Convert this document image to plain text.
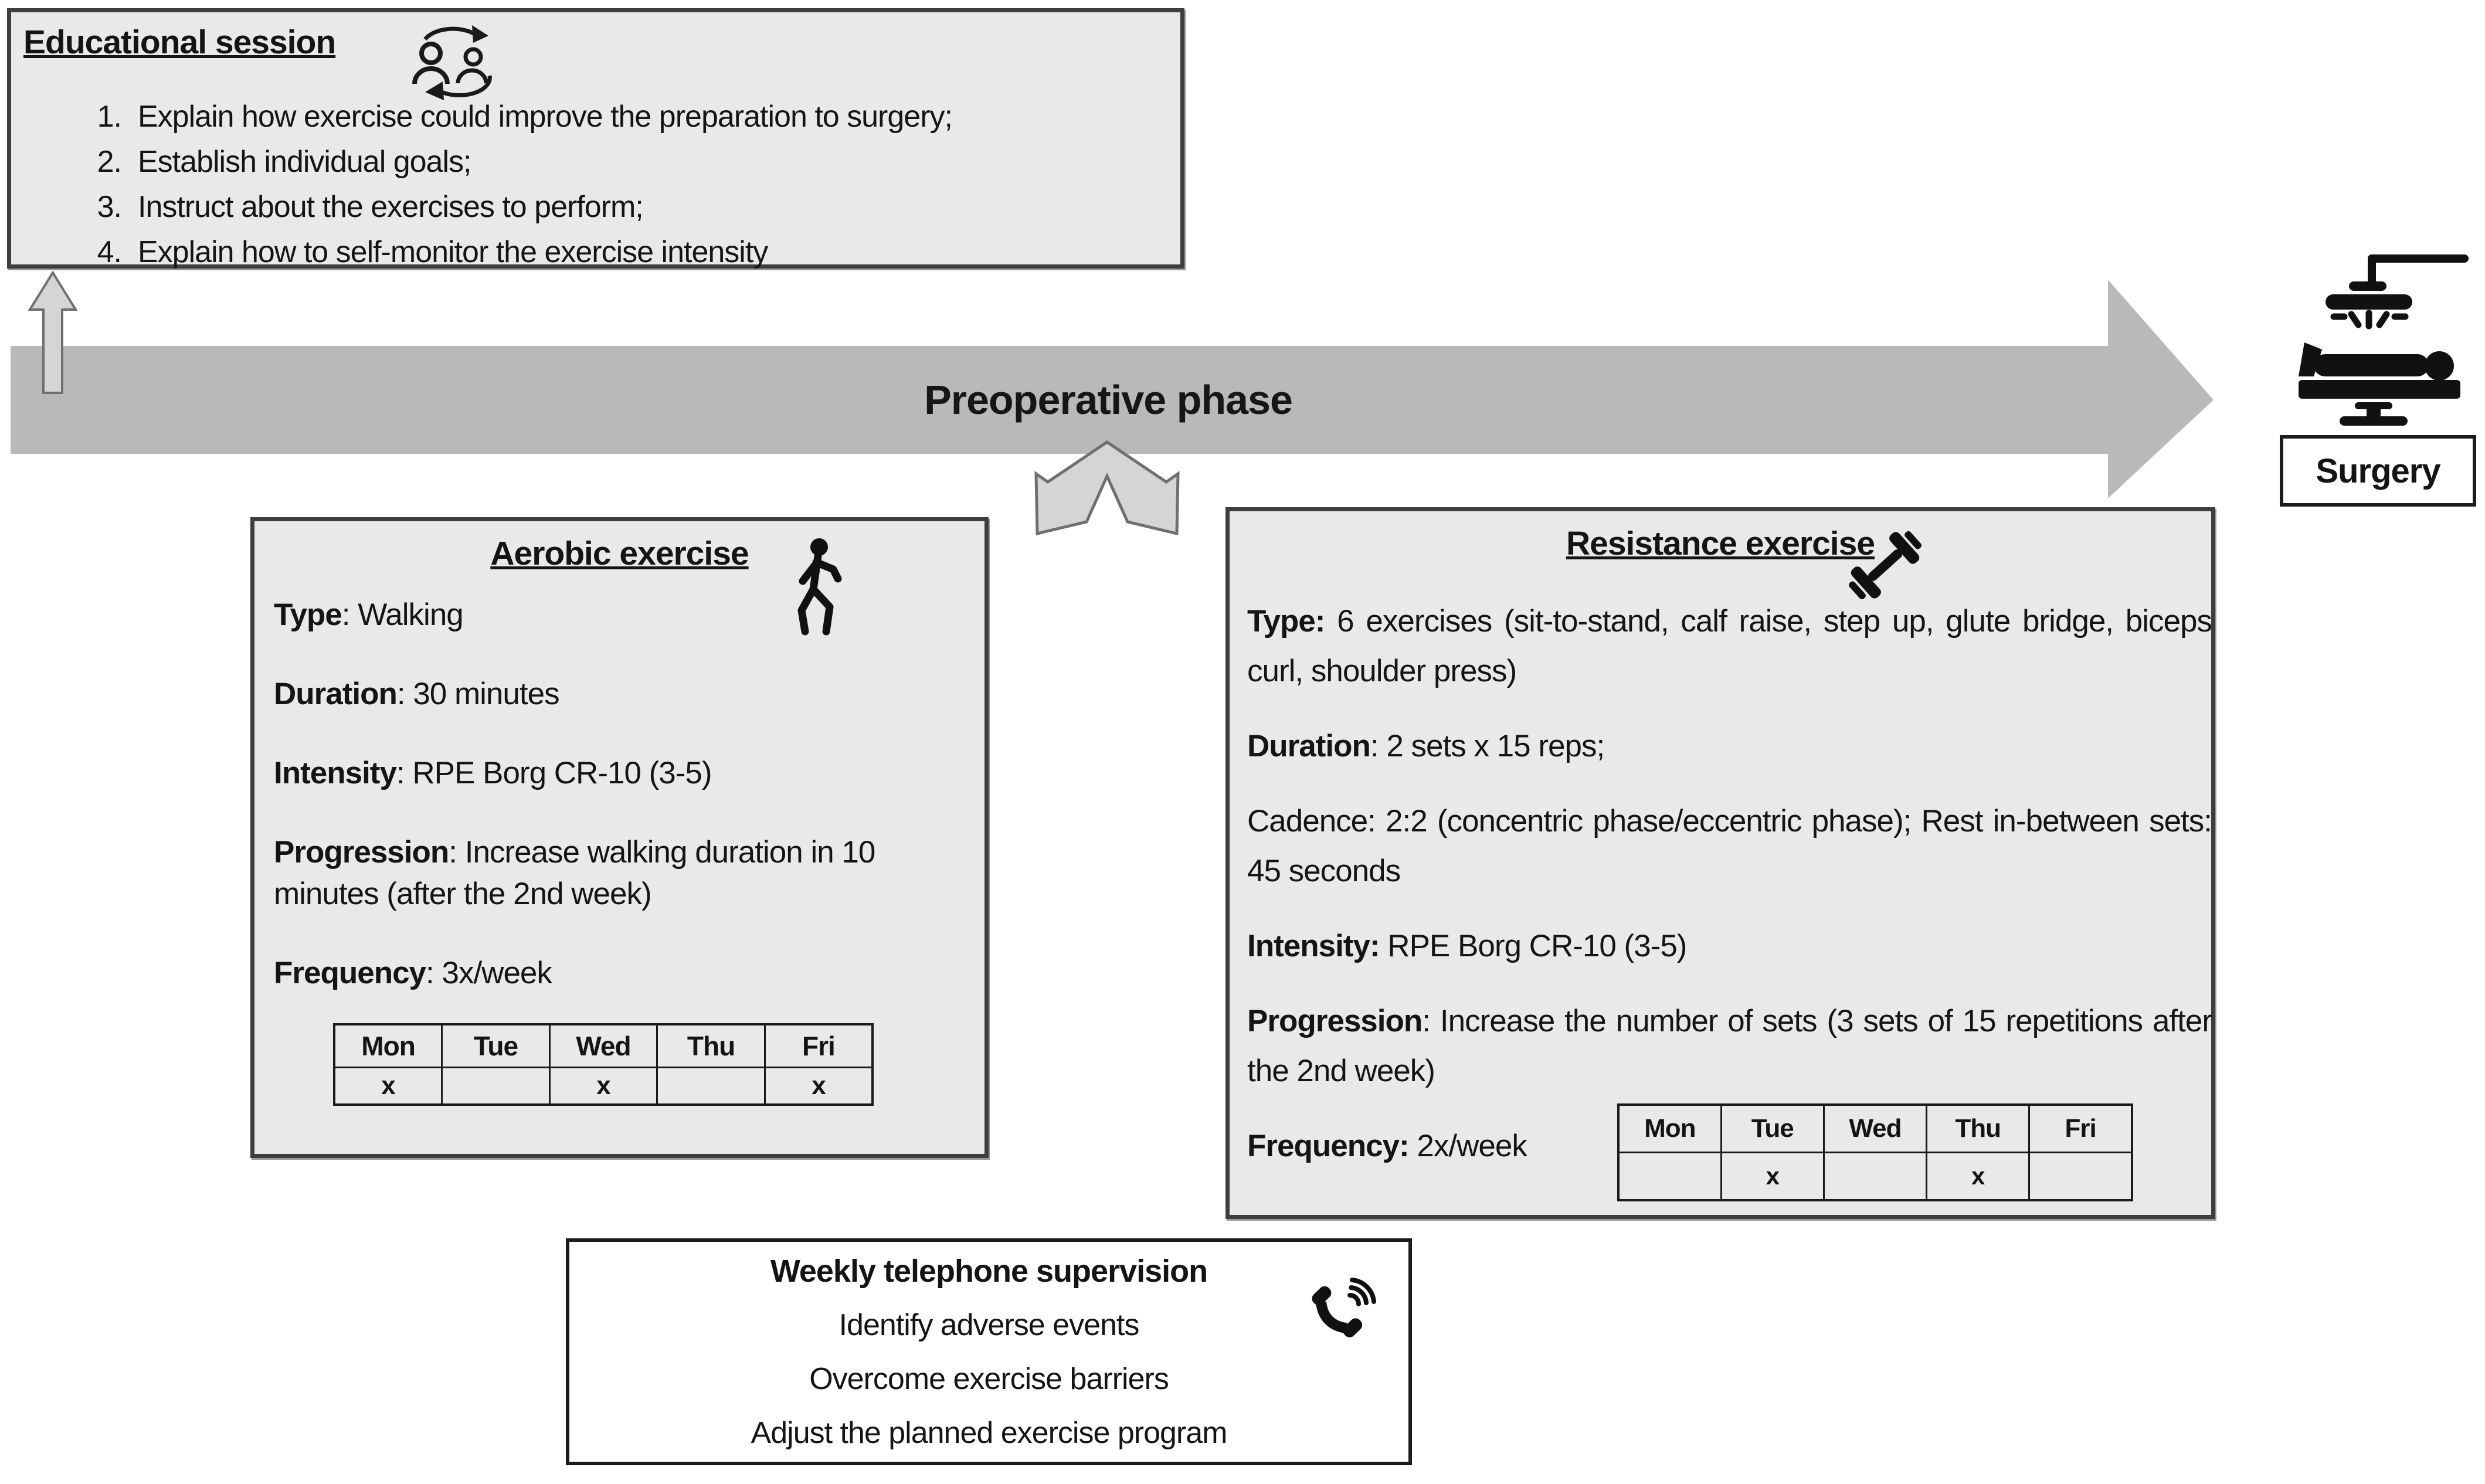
Preoperative phase
Educational session
1. Explain how exercise could improve the preparation to surgery;
2. Establish individual goals;
3. Instruct about the exercises to perform;
4. Explain how to self-monitor the exercise intensity
Surgery
Aerobic exercise

Type: Walking

Duration: 30 minutes

Intensity: RPE Borg CR-10 (3-5)

Progression: Increase walking duration in 10 minutes (after the 2nd week)

Frequency: 3x/week

Mon	Tue	Wed	Thu	Fri
x		x		x
Resistance exercise

Type: 6 exercises (sit-to-stand, calf raise, step up, glute bridge, biceps curl, shoulder press)

Duration: 2 sets x 15 reps;

Cadence: 2:2 (concentric phase/eccentric phase); Rest in-between sets: 45 seconds

Intensity: RPE Borg CR-10 (3-5)

Progression: Increase the number of sets (3 sets of 15 repetitions after the 2nd week)

Frequency: 2x/week

Mon	Tue	Wed	Thu	Fri
	x		x	
Weekly telephone supervision
Identify adverse events
Overcome exercise barriers
Adjust the planned exercise program
